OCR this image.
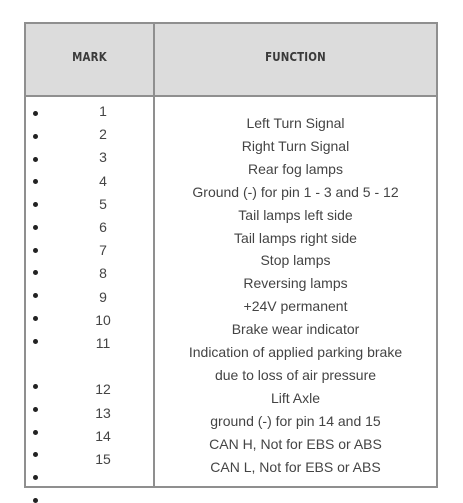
MARK	FUNCTION
1
2
3
4
5
6
7
8
9
10
11
12
13
14
15
Left Turn Signal
Right Turn Signal
Rear fog lamps
Ground (-) for pin 1 - 3 and 5 - 12
Tail lamps left side
Tail lamps right side
Stop lamps
Reversing lamps
+24V permanent
Brake wear indicator
Indication of applied parking brake
due to loss of air pressure
Lift Axle
ground (-) for pin 14 and 15
CAN H, Not for EBS or ABS
CAN L, Not for EBS or ABS
